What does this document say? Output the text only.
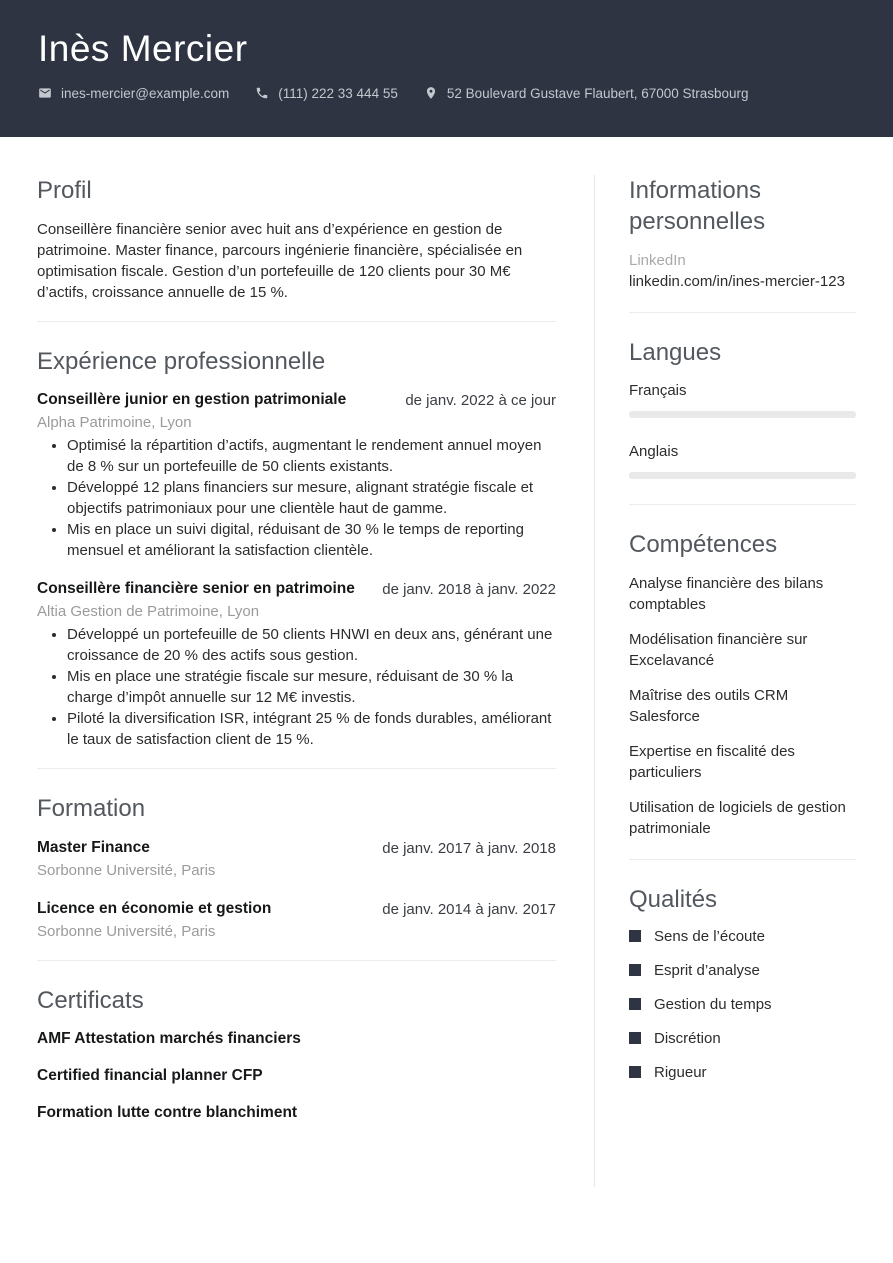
Inès Mercier
ines-mercier@example.com	(111) 222 33 444 55	52 Boulevard Gustave Flaubert, 67000 Strasbourg
Profil

Conseillère financière senior avec huit ans d’expérience en gestion de patrimoine. Master finance, parcours ingénierie financière, spécialisée en optimisation fiscale. Gestion d’un portefeuille de 120 clients pour 30 M€ d’actifs, croissance annuelle de 15 %.

Expérience professionnelle
Conseillère junior en gestion patrimoniale	de janv. 2022 à ce jour
Alpha Patrimoine, Lyon
• Optimisé la répartition d’actifs, augmentant le rendement annuel moyen de 8 % sur un portefeuille de 50 clients existants.
• Développé 12 plans financiers sur mesure, alignant stratégie fiscale et objectifs patrimoniaux pour une clientèle haut de gamme.
• Mis en place un suivi digital, réduisant de 30 % le temps de reporting mensuel et améliorant la satisfaction clientèle.
Conseillère financière senior en patrimoine de janv. 2018 à janv. 2022
Altia Gestion de Patrimoine, Lyon
• Développé un portefeuille de 50 clients HNWI en deux ans, générant une croissance de 20 % des actifs sous gestion.
• Mis en place une stratégie fiscale sur mesure, réduisant de 30 % la charge d’impôt annuelle sur 12 M€ investis.
• Piloté la diversification ISR, intégrant 25 % de fonds durables, améliorant le taux de satisfaction client de 15 %.
Formation
Master Finance	de janv. 2017 à janv. 2018
Sorbonne Université, Paris
Licence en économie et gestion	de janv. 2014 à janv. 2017
Sorbonne Université, Paris
Certificats
AMF Attestation marchés financiers
Certified financial planner CFP
Formation lutte contre blanchiment
Informations personnelles
LinkedIn
linkedin.com/in/ines-mercier-123
Langues
Français
Anglais
Compétences
Analyse financière des bilans comptables
Modélisation financière sur Excelavancé
Maîtrise des outils CRM Salesforce
Expertise en fiscalité des particuliers
Utilisation de logiciels de gestion patrimoniale
Qualités
Sens de l’écoute
Esprit d’analyse
Gestion du temps
Discrétion
Rigueur
